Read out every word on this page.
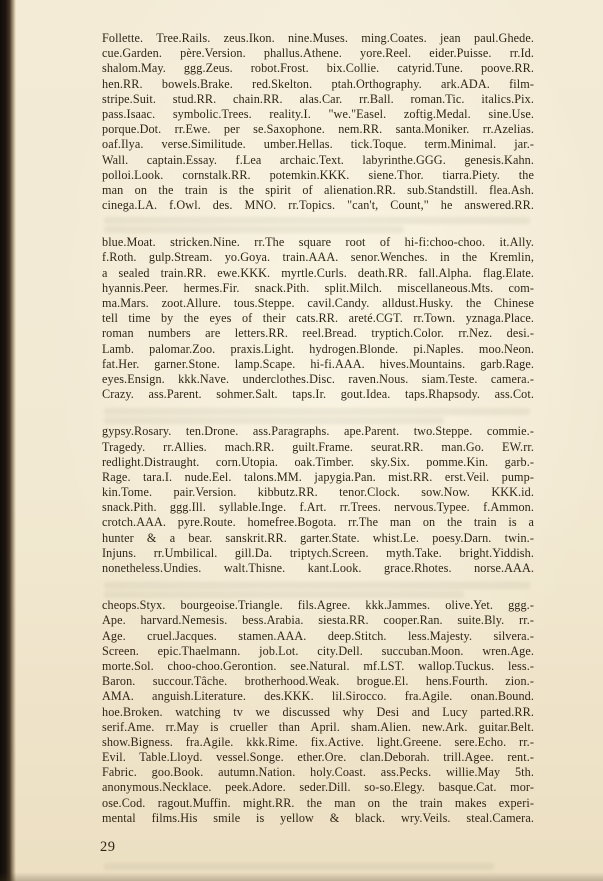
Follette. Tree.Rails. zeus.Ikon. nine.Muses. ming.Coates. jean paul.Ghede.
cue.Garden. père.Version. phallus.Athene. yore.Reel. eider.Puisse. rr.Id.
shalom.May. ggg.Zeus. robot.Frost. bix.Collie. catyrid.Tune. poove.RR.
hen.RR. bowels.Brake. red.Skelton. ptah.Orthography. ark.ADA. film-
stripe.Suit. stud.RR. chain.RR. alas.Car. rr.Ball. roman.Tic. italics.Pix.
pass.Isaac. symbolic.Trees. reality.I. "we."Easel. zoftig.Medal. sine.Use.
porque.Dot. rr.Ewe. per se.Saxophone. nem.RR. santa.Moniker. rr.Azelias.
oaf.Ilya. verse.Similitude. umber.Hellas. tick.Toque. term.Minimal. jar.-
Wall. captain.Essay. f.Lea archaic.Text. labyrinthe.GGG. genesis.Kahn.
polloi.Look. cornstalk.RR. potemkin.KKK. siene.Thor. tiarra.Piety. the
man on the train is the spirit of alienation.RR. sub.Standstill. flea.Ash.
cinega.LA. f.Owl. des. MNO. rr.Topics. "can't, Count," he answered.RR.
blue.Moat. stricken.Nine. rr.The square root of hi-fi:choo-choo. it.Ally.
f.Roth. gulp.Stream. yo.Goya. train.AAA. senor.Wenches. in the Kremlin,
a sealed train.RR. ewe.KKK. myrtle.Curls. death.RR. fall.Alpha. flag.Elate.
hyannis.Peer. hermes.Fir. snack.Pith. split.Milch. miscellaneous.Mts. com-
ma.Mars. zoot.Allure. tous.Steppe. cavil.Candy. alldust.Husky. the Chinese
tell time by the eyes of their cats.RR. areté.CGT. rr.Town. yznaga.Place.
roman numbers are letters.RR. reel.Bread. tryptich.Color. rr.Nez. desi.-
Lamb. palomar.Zoo. praxis.Light. hydrogen.Blonde. pi.Naples. moo.Neon.
fat.Her. garner.Stone. lamp.Scape. hi-fi.AAA. hives.Mountains. garb.Rage.
eyes.Ensign. kkk.Nave. underclothes.Disc. raven.Nous. siam.Teste. camera.-
Crazy. ass.Parent. sohmer.Salt. taps.Ir. gout.Idea. taps.Rhapsody. ass.Cot.
gypsy.Rosary. ten.Drone. ass.Paragraphs. ape.Parent. two.Steppe. commie.-
Tragedy. rr.Allies. mach.RR. guilt.Frame. seurat.RR. man.Go. EW.rr.
redlight.Distraught. corn.Utopia. oak.Timber. sky.Six. pomme.Kin. garb.-
Rage. tara.I. nude.Eel. talons.MM. japygia.Pan. mist.RR. erst.Veil. pump-
kin.Tome. pair.Version. kibbutz.RR. tenor.Clock. sow.Now. KKK.id.
snack.Pith. ggg.Ill. syllable.Inge. f.Art. rr.Trees. nervous.Typee. f.Ammon.
crotch.AAA. pyre.Route. homefree.Bogota. rr.The man on the train is a
hunter & a bear. sanskrit.RR. garter.State. whist.Le. poesy.Darn. twin.-
Injuns. rr.Umbilical. gill.Da. triptych.Screen. myth.Take. bright.Yiddish.
nonetheless.Undies. walt.Thisne. kant.Look. grace.Rhotes. norse.AAA.
cheops.Styx. bourgeoise.Triangle. fils.Agree. kkk.Jammes. olive.Yet. ggg.-
Ape. harvard.Nemesis. bess.Arabia. siesta.RR. cooper.Ran. suite.Bly. rr.-
Age. cruel.Jacques. stamen.AAA. deep.Stitch. less.Majesty. silvera.-
Screen. epic.Thaelmann. job.Lot. city.Dell. succuban.Moon. wren.Age.
morte.Sol. choo-choo.Gerontion. see.Natural. mf.LST. wallop.Tuckus. less.-
Baron. succour.Tâche. brotherhood.Weak. brogue.El. hens.Fourth. zion.-
AMA. anguish.Literature. des.KKK. lil.Sirocco. fra.Agile. onan.Bound.
hoe.Broken. watching tv we discussed why Desi and Lucy parted.RR.
serif.Ame. rr.May is crueller than April. sham.Alien. new.Ark. guitar.Belt.
show.Bigness. fra.Agile. kkk.Rime. fix.Active. light.Greene. sere.Echo. rr.-
Evil. Table.Lloyd. vessel.Songe. ether.Ore. clan.Deborah. trill.Agee. rent.-
Fabric. goo.Book. autumn.Nation. holy.Coast. ass.Pecks. willie.May 5th.
anonymous.Necklace. peek.Adore. seder.Dill. so-so.Elegy. basque.Cat. mor-
ose.Cod. ragout.Muffin. might.RR. the man on the train makes experi-
mental films.His smile is yellow & black. wry.Veils. steal.Camera.
29
